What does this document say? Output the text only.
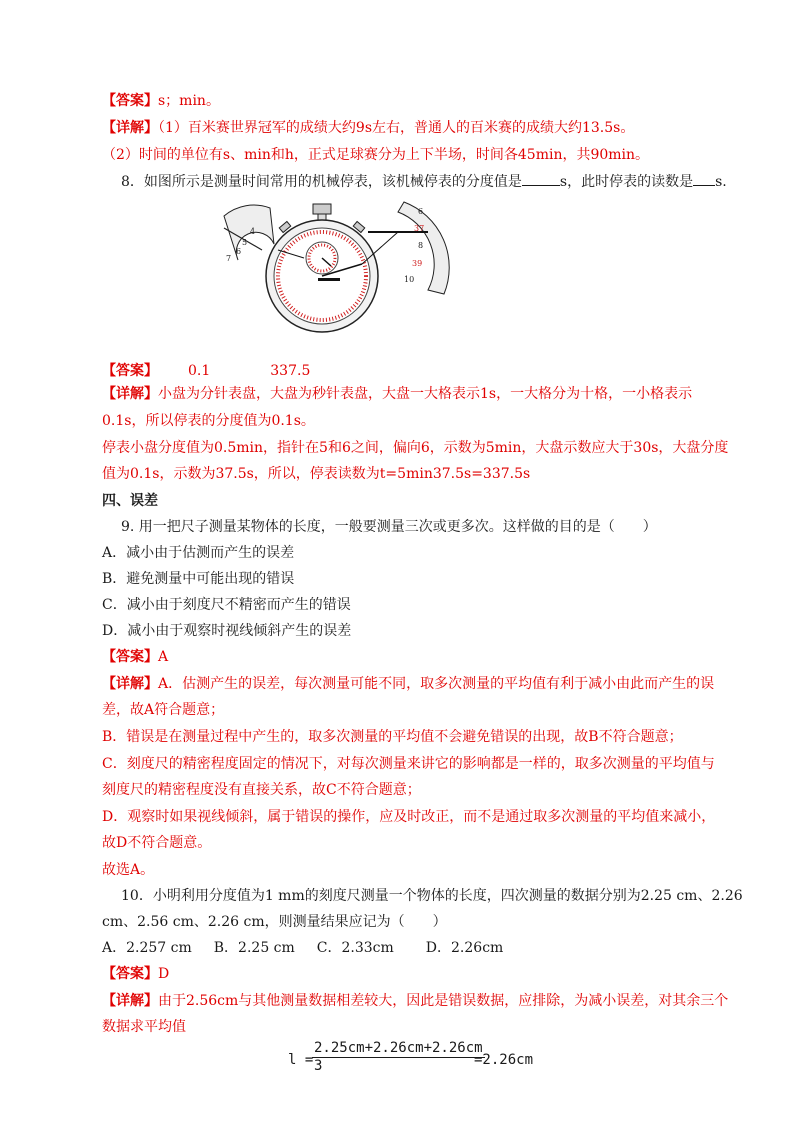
【答案】s；min。
【详解】（1）百米赛世界冠军的成绩大约9s左右，普通人的百米赛的成绩大约13.5s。
（2）时间的单位有s、min和h，正式足球赛分为上下半场，时间各45min，共90min。
8．如图所示是测量时间常用的机械停表，该机械停表的分度值是	s，此时停表的读数是 s.
4
5
6
7
6
37
8
39
10
【答案】 0.1	337.5
【详解】小盘为分针表盘，大盘为秒针表盘，大盘一大格表示1s，一大格分为十格，一小格表示
0.1s，所以停表的分度值为0.1s。
停表小盘分度值为0.5min，指针在5和6之间，偏向6，示数为5min，大盘示数应大于30s，大盘分度
值为0.1s，示数为37.5s，所以，停表读数为t=5min37.5s=337.5s
四、误差
9. 用一把尺子测量某物体的长度，一般要测量三次或更多次。这样做的目的是（　　）
A．减小由于估测而产生的误差
B．避免测量中可能出现的错误
C．减小由于刻度尺不精密而产生的错误
D．减小由于观察时视线倾斜产生的误差
【答案】A
【详解】A．估测产生的误差，每次测量可能不同，取多次测量的平均值有利于减小由此而产生的误
差，故A符合题意；
B．错误是在测量过程中产生的，取多次测量的平均值不会避免错误的出现，故B不符合题意；
C．刻度尺的精密程度固定的情况下，对每次测量来讲它的影响都是一样的，取多次测量的平均值与
刻度尺的精密程度没有直接关系，故C不符合题意；
D．观察时如果视线倾斜，属于错误的操作，应及时改正，而不是通过取多次测量的平均值来减小，
故D不符合题意。
故选A。
10．小明利用分度值为1 mm的刻度尺测量一个物体的长度，四次测量的数据分别为2.25 cm、2.26
cm、2.56 cm、2.26 cm，则测量结果应记为（　　）
A．2.257 cm B．2.25 cm C．2.33cm D．2.26cm
【答案】D
【详解】由于2.56cm与其他测量数据相差较大，因此是错误数据，应排除，为减小误差，对其余三个
数据求平均值
l =
$\frac{2.25cm+2.26cm+2.26cm}{3}$
=2.26cm
